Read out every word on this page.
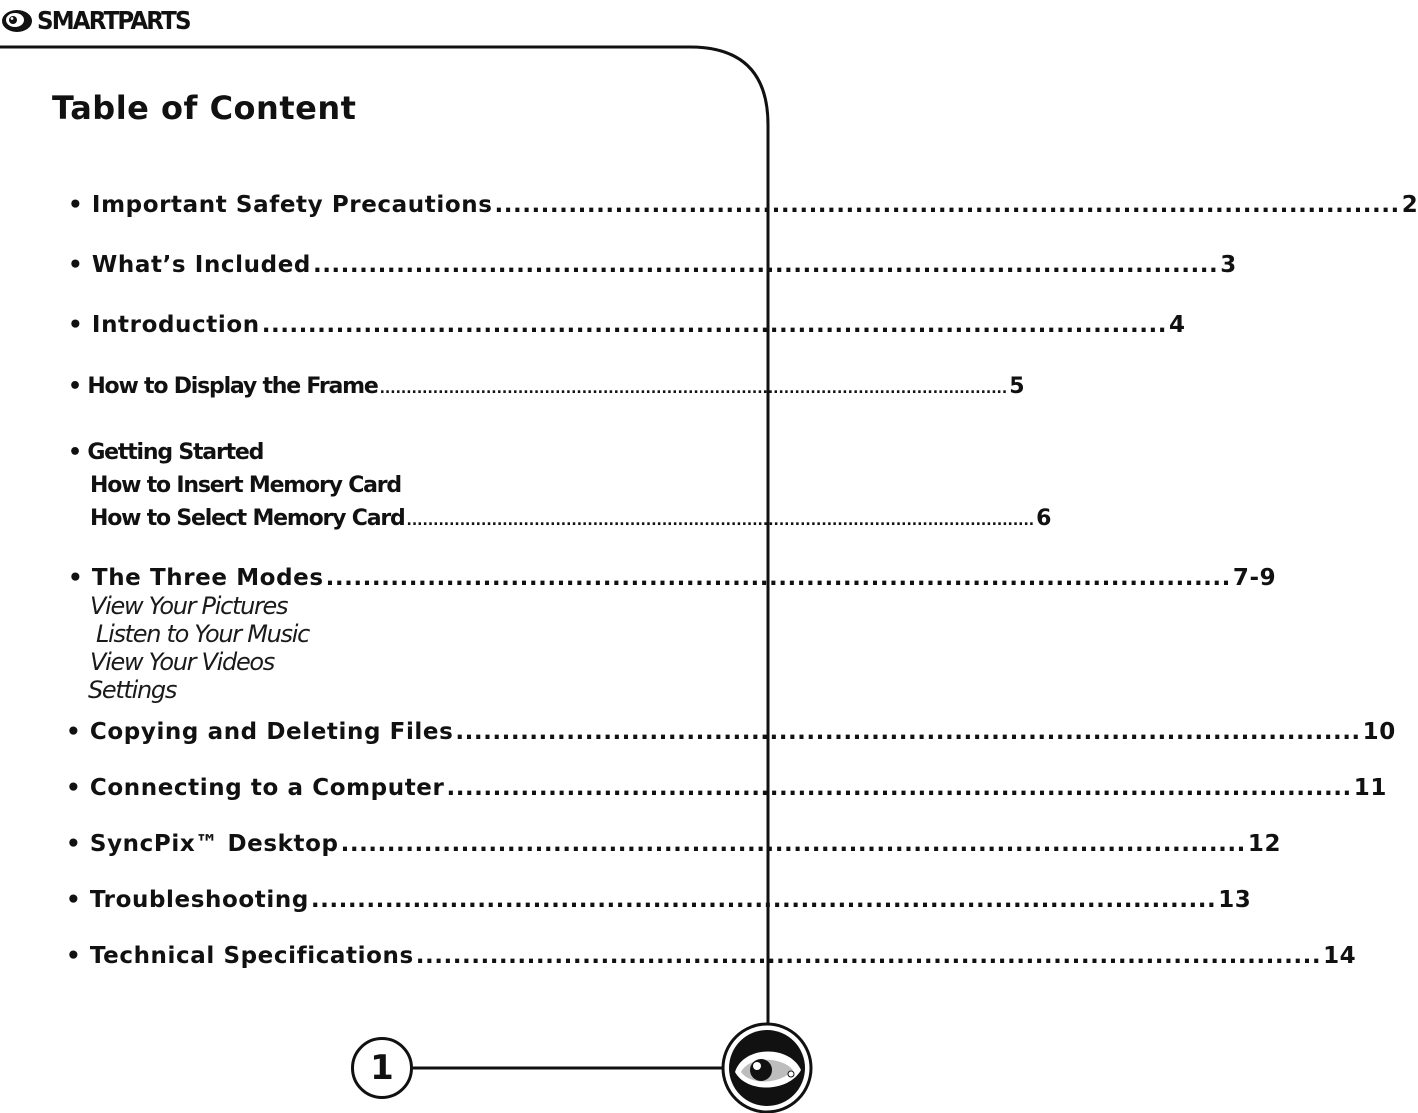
SMARTPARTS
Table of Content
• Important Safety Precautions .................................................................................................. 2
• What’s Included .................................................................................................. 3
• Introduction .................................................................................................. 4
• How to Display the Frame ...................................................................................................................... 5
• Getting Started
How to Insert Memory Card
How to Select Memory Card ...................................................................................................................... 6
• The Three Modes .................................................................................................. 7-9
View Your Pictures
Listen to Your Music
View Your Videos
Settings
• Copying and Deleting Files .................................................................................................. 10
• Connecting to a Computer .................................................................................................. 11
• SyncPix™ Desktop .................................................................................................. 12
• Troubleshooting .................................................................................................. 13
• Technical Specifications .................................................................................................. 14
1
